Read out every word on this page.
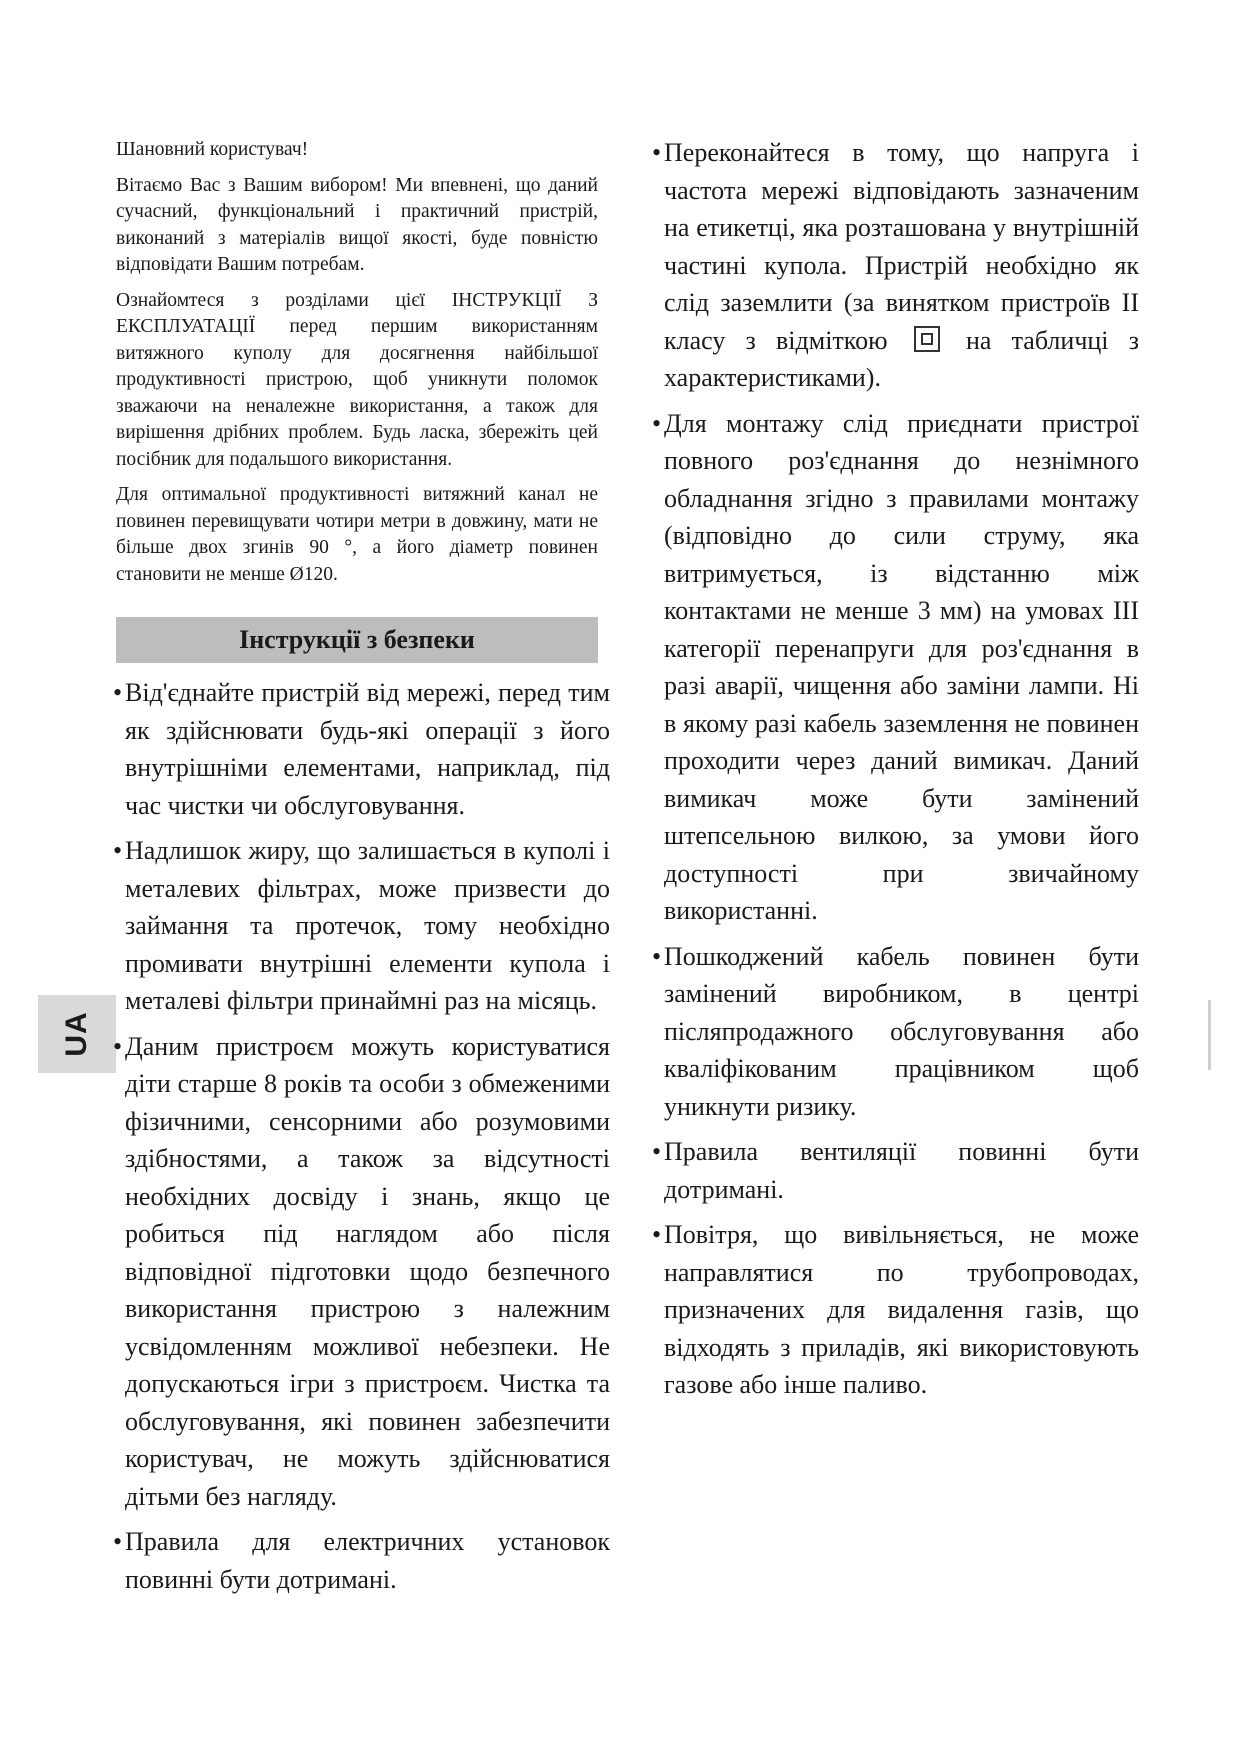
UA

Шановний користувач!

Вітаємо Вас з Вашим вибором! Ми впевнені, що даний сучасний, функціональний і практичний пристрій, виконаний з матеріалів вищої якості, буде повністю відповідати Вашим потребам.

Ознайомтеся з розділами цієї ІНСТРУКЦІЇ З ЕКСПЛУАТАЦІЇ перед першим використанням витяжного куполу для досягнення найбільшої продуктивності пристрою, щоб уникнути поломок зважаючи на неналежне використання, а також для вирішення дрібних проблем. Будь ласка, збережіть цей посібник для подальшого використання.

Для оптимальної продуктивності витяжний канал не повинен перевищувати чотири метри в довжину, мати не більше двох згинів 90 °, а його діаметр повинен становити не менше Ø120.

Інструкції з безпеки
• Від'єднайте пристрій від мережі, перед тим як здійснювати будь-які операції з його внутрішніми елементами, наприклад, під час чистки чи обслуговування.
• Надлишок жиру, що залишається в куполі і металевих фільтрах, може призвести до займання та протечок, тому необхідно промивати внутрішні елементи купола і металеві фільтри принаймні раз на місяць.
• Даним пристроєм можуть користуватися діти старше 8 років та особи з обмеженими фізичними, сенсорними або розумовими здібностями, а також за відсутності необхідних досвіду і знань, якщо це робиться під наглядом або після відповідної підготовки щодо безпечного використання пристрою з належним усвідомленням можливої небезпеки. Не допускаються ігри з пристроєм. Чистка та обслуговування, які повинен забезпечити користувач, не можуть здійснюватися дітьми без нагляду.
• Правила для електричних установок повинні бути дотримані.
• Переконайтеся в тому, що напруга і частота мережі відповідають зазначеним на етикетці, яка розташована у внутрішній частині купола. Пристрій необхідно як слід заземлити (за винятком пристроїв II класу з відміткою	на табличці з характеристиками).
• Для монтажу слід приєднати пристрої повного роз'єднання до незнімного обладнання згідно з правилами монтажу (відповідно до сили струму, яка витримується, із відстанню між контактами не менше 3 мм) на умовах III категорії перенапруги для роз'єднання в разі аварії, чищення або заміни лампи. Ні в якому разі кабель заземлення не повинен проходити через даний вимикач. Даний вимикач може бути замінений штепсельною вилкою, за умови його доступності при звичайному використанні.
• Пошкоджений кабель повинен бути замінений виробником, в центрі післяпродажного обслуговування або кваліфікованим працівником щоб уникнути ризику.
• Правила вентиляції повинні бути дотримані.
• Повітря, що вивільняється, не може направлятися по трубопроводах, призначених для видалення газів, що відходять з приладів, які використовують газове або інше паливо.
